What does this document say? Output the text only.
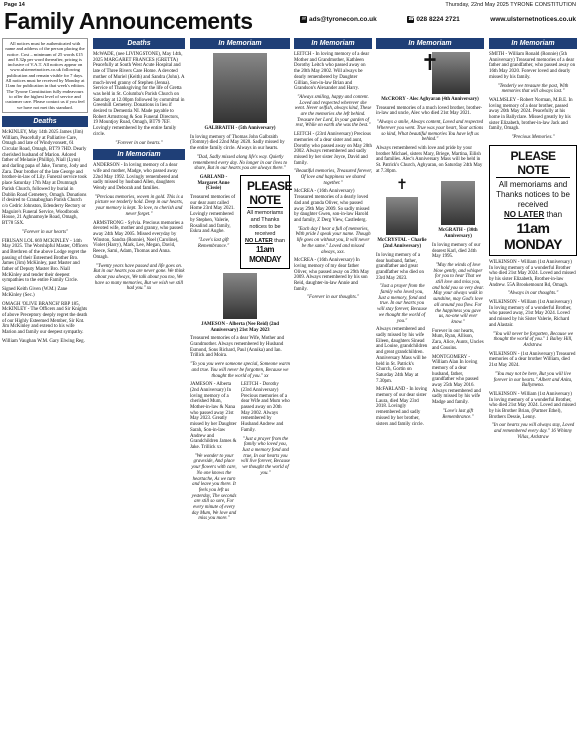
Page 14	Thursday, 22nd May 2025 TYRONE CONSTITUTION
Family Announcements	✉ ads@tyronecon.co.uk	☎ 028 8224 2721	www.ulsternetnotices.co.uk
All notices must be authenticated with name and address of the person placing the notice. Cost – minimum of 25 words £15 and 0.32p per word thereafter, pricing is inclusive of V.A.T. All notices appear on www.ulsternetnotices.co.uk following publication and remain visible for 7 days. All notices must be received by Monday at 11am for publication in that week's edition. The Tyrone Constitution fully endeavours to offer the highest level of service and customer care. Please contact us if you feel we have not met this standard.
Deaths

McKINLEY, May 14th 2025 James (Jim) William, Peacefully at Palliative Care, Omagh and late of Windyvonsett, 61 Circular Road, Omagh, BT79 7HD. Dearly cherished husband of Marion. Adored father of Melanie (Phillip), Niall (Lynn) and darling papa of Jake, Tommy, Jody and Zara. Dear brother of the late George and brother-in-law of Lily. Funeral service took place Saturday 17th May at Drumragh Parish Church, followed by burial in Dublin Road Cemetery, Omagh. Donations if desired to Cranaboghan Parish Church c/o Cedric Johnston, Edenderry Rectory or Maguire's Funeral Service, Woodbrook House, 21 Aghnamoyle Road, Omagh, BT78 5SX.

"Forever in our hearts"

FIRUSAN LOL 669 MCKINLEY - 14th May 2025. The Worshipful Master, Officers and Brethren of the above Lodge regret the passing of their Esteemed Brother Bro. James (Jim) McKinley, past Master and father of Deputy Master Bro. Niall McKinley and tender their deepest sympathies to the entire Family Circle.

Signed Keith Given (W.M.) Zane McKinley (Sec.)

OMAGH 'OLIVE BRANCH' RBP 185, McKINLEY - The Officers and Sir Knights of above Preceptory deeply regret the death of our Highly Esteemed Member, Sir Knt. Jim McKinley and extend to his wife Marion and family our deepest sympathy.

William Vaughan W.M. Gary Elwing Reg.

Deaths

McWADE, (nee LIVINGSTONE), May 14th, 2025 MARGARET FRANCES (GRETTA) Peacefully at South West Acute Hospital and late of Three Rivers Care Home. A devoted mother of Muriel (Keith) and Sandra (John). A much-loved granny of Stephen (Jenna). Service of Thanksgiving for the life of Gretta was held in St. Columba's Parish Church on Saturday at 12.00pm followed by committal in Greenhill Cemetery. Donations in lieu if desired to Dementia NI. Made payable to Robert Armstrong & Son Funeral Directors, 19 Mountjoy Road, Omagh, BT79 7EF. Lovingly remembered by the entire family circle.

"Forever in our hearts."

In Memoriam

ANDERSON - In loving memory of a dear wife and mother, Madge, who passed away 22nd May 1992. Lovingly remembered and sadly missed by husband Allen, daughters Wendy and Deborah and families.

"Precious memories, woven in gold. This is a picture we tenderly hold. Deep in our hearts, your memory is kept. To love, to cherish and never forget."

ARMSTRONG - Sylvia. Precious memories a devoted wife, mother and granny, who passed away 24th May 2005. Missed everyday by Winston, Sandra (Ronnie), Noel (Caroline), Violet (Harry), Mark, Lee, Megan, David, Reece, Sami, Adam, Thomas and Anna. Omagh.

"Twenty years have passed and life goes on. But in our hearts you are never gone. We think about you always, We talk about you too, We have so many memories, But we wish we still had you." xx

In Memoriam

GALBRAITH - (5th Anniversary)

In loving memory of Thomas John Galbraith (Tommy) died 22nd May 2020. Sadly missed by the entire family circle. Always in our hearts.

"Dad, Sadly missed along life's way. Quietly remembered every day. No longer in our lives to share, But in our hearts you are always there."

GARLAND - Margaret Anne (Cissie)

Treasured memories of our dear aunt called Home 23rd May 2021. Lovingly remembered by Stephen, Valerie, Rosalind and family, Eskra and Aughe.

"Love's last gift Remembrance."

PLEASE NOTE
All memoriams and Thanks notices to be received
NO LATER than
11am MONDAY

JAMESON - Alberta (Nee Reid) (2nd Anniversary) 21st May 2023

Treasured memories of a dear Wife, Mother and Grandmother. Always remembered by Husband Esmond, Sons Richard, Paul (Annika) and Ian. Trillick and Moira.

"To you you were someone special, Someone warm and true. You will never be forgotten, Because we thought the world of you." xx

JAMESON - Alberta (2nd Anniversary) In loving memory of a cherished Mum, Mother-in-law & Nana who passed away 21st May 2023. Greatly missed by her Daughter Sarah, Son-in-law Andrew and Grandchildren James & Jake. Trillick xx

"We wonder to your graveside, And place your flowers with care, No one knows the heartache, As we turn and leave you there. It feels you left us yesterday, The seconds are still so sore, For every minute of every day Mum, We love and miss you more."

LEITCH - Dorothy (23rd Anniversary) Precious memories of a dear Wife and Mum who passed away on 20th May 2002. Always remembered by Husband Andrew and Family.

"Just a prayer from the family who loved you, Just a memory fond and true, In our hearts you will live forever, Because we thought the world of you."

In Memoriam

LEITCH - In loving memory of a dear Mother and Grandmother, Kathleen Dorothy Leitch who passed away on the 20th May 2002. Will always be dearly remembered by Daughter Gillian, Son-in-law Brian and Grandson's Alexander and Harry.

"Always smiling, happy and content. Loved and respected wherever she went. Never selfish, always kind, These are the memories she left behind. Treasure her Lord, In your garden of rest, While on earth she was the best."

LEITCH - (23rd Anniversary) Precious memories of a dear sister and aunt, Dorothy who passed away on May 20th 2002. Always remembered and sadly missed by her sister Joyce, David and family.

"Beautiful memories, Treasured forever, Of love and happiness we shared together."

McCREA - (16th Anniversary) Treasured memories of a dearly loved dad and granda Oliver, who passed away 29th May 2009. So sadly missed by daughter Gwen, son-in-law Harold and family, Z Derg View, Castlederg.

"Each day I hear a full of memories, With pride I speak your name. Though life goes on without you, It will never be the same." Loved and missed always, xxx.

McCREA - (16th Anniversary) In loving memory of my dear father Oliver, who passed away on 29th May 2009. Always remembered by his son Reid, daughter-in-law Annie and family.

"Forever in our thoughts."

In Memoriam
✝

McCRORY - Alec Aghyaran (4th Anniversary)

Treasured memories of a much loved brother, brother-in-law and uncle, Alec who died 21st May 2021.

"Always a smile, Always content, Loved and respected Wherever you went. True was your heart, Your actions so kind, What beautiful memories You have left us behind."

Always remembered with love and pride by your brother Michael, sisters Mary, Briege, Martina, Eilish and families. Alec's Anniversary Mass will be held in St. Patrick's Church, Aghyaran, on Saturday 24th May at 7.30pm.

✝

McCRYSTAL - Charlie (2nd Anniversary)

In loving memory of a dear husband, father, grandfather and great grandfather who died on 23rd May 2023.

"Just a prayer from the family who loved you, Just a memory, fond and true. In our hearts you will stay forever, Because we thought the world of you."

Always remembered and sadly missed by his wife Eileen, daughters Sinead and Louise, grandchildren and great grandchildren. Anniversary Mass will be held in St. Patrick's Church, Gortin on Saturday 24th May at 7.30pm.

McFARLAND - In loving memory of our dear sister Laura, died May 23rd 2018. Lovingly remembered and sadly missed by her brother, sisters and family circle.

McGRATH - (30th Anniversary)

In loving memory of our dearest Karl, died 24th May 1995.

"May the winds of love blow gently, and whisper for you to hear That we still love and miss you, and hold you so very dear. May your always walk in sunshine, may God's love all around you flow. For the happiness you gave us, no-one will ever know."

Forever in our hearts, Mum, Ryan, Allison, Zara, Alice, Aunts, Uncles and Cousins.

MONTGOMERY - William Alan In loving memory of a dear husband, father, grandfather who passed away 25th May 2016. Always remembered and sadly missed by his wife Madge and family.

"Love's last gift Remembrance."

In Memoriam

SMITH - William Ronald (Ronnie) (5th Anniversary) Treasured memories of a dear father and grandfather, who passed away on 16th May 2020. Forever loved and dearly missed by his family.

"Tenderly we treasure the past, With memories that will always last."

WALMSLEY - Robert Norman, M.B.E. In loving memory of a dear brother, passed away 20th May 2024. Peacefully at his home in Ballyclare. Missed greatly by his sister Elizabeth, brother-in-law Jack and family, Omagh.

"Precious Memories."

PLEASE NOTE
All memoriams and Thanks notices to be received
NO LATER than
11am MONDAY

WILKINSON - William (1st Anniversary) In loving memory of a wonderful Brother who died 21st May 2024. Loved and missed by his sister Elizabeth, Brother-in-law Andrew. 55A Brookemount Rd, Omagh.

"Always in our thoughts."

WILKINSON - William (1st Anniversary) In loving memory of a wonderful Brother, who passed away, 21st May 2024. Loved and missed by his Sister Valerie, Richard and Alastair.

"You will never be forgotten, Because we thought the world of you." 1 Bailey Hill, Ardstraw.

WILKINSON - (1st Anniversary) Treasured memories of a dear brother William, died 21st May 2024.

"You may not be here, But you will live forever in our hearts." Albert and Anita, Ballymena.

WILKINSON - William (1st Anniversary) In loving memory of a wonderful Brother, who died 21st May 2024. Loved and missed by his Brother Brian, (Partner Ethel), Brothers Dessie, Lenny.

"In our hearts you will always stay, Loved and remembered every day." 16 Whinny Villas, Ardstraw
